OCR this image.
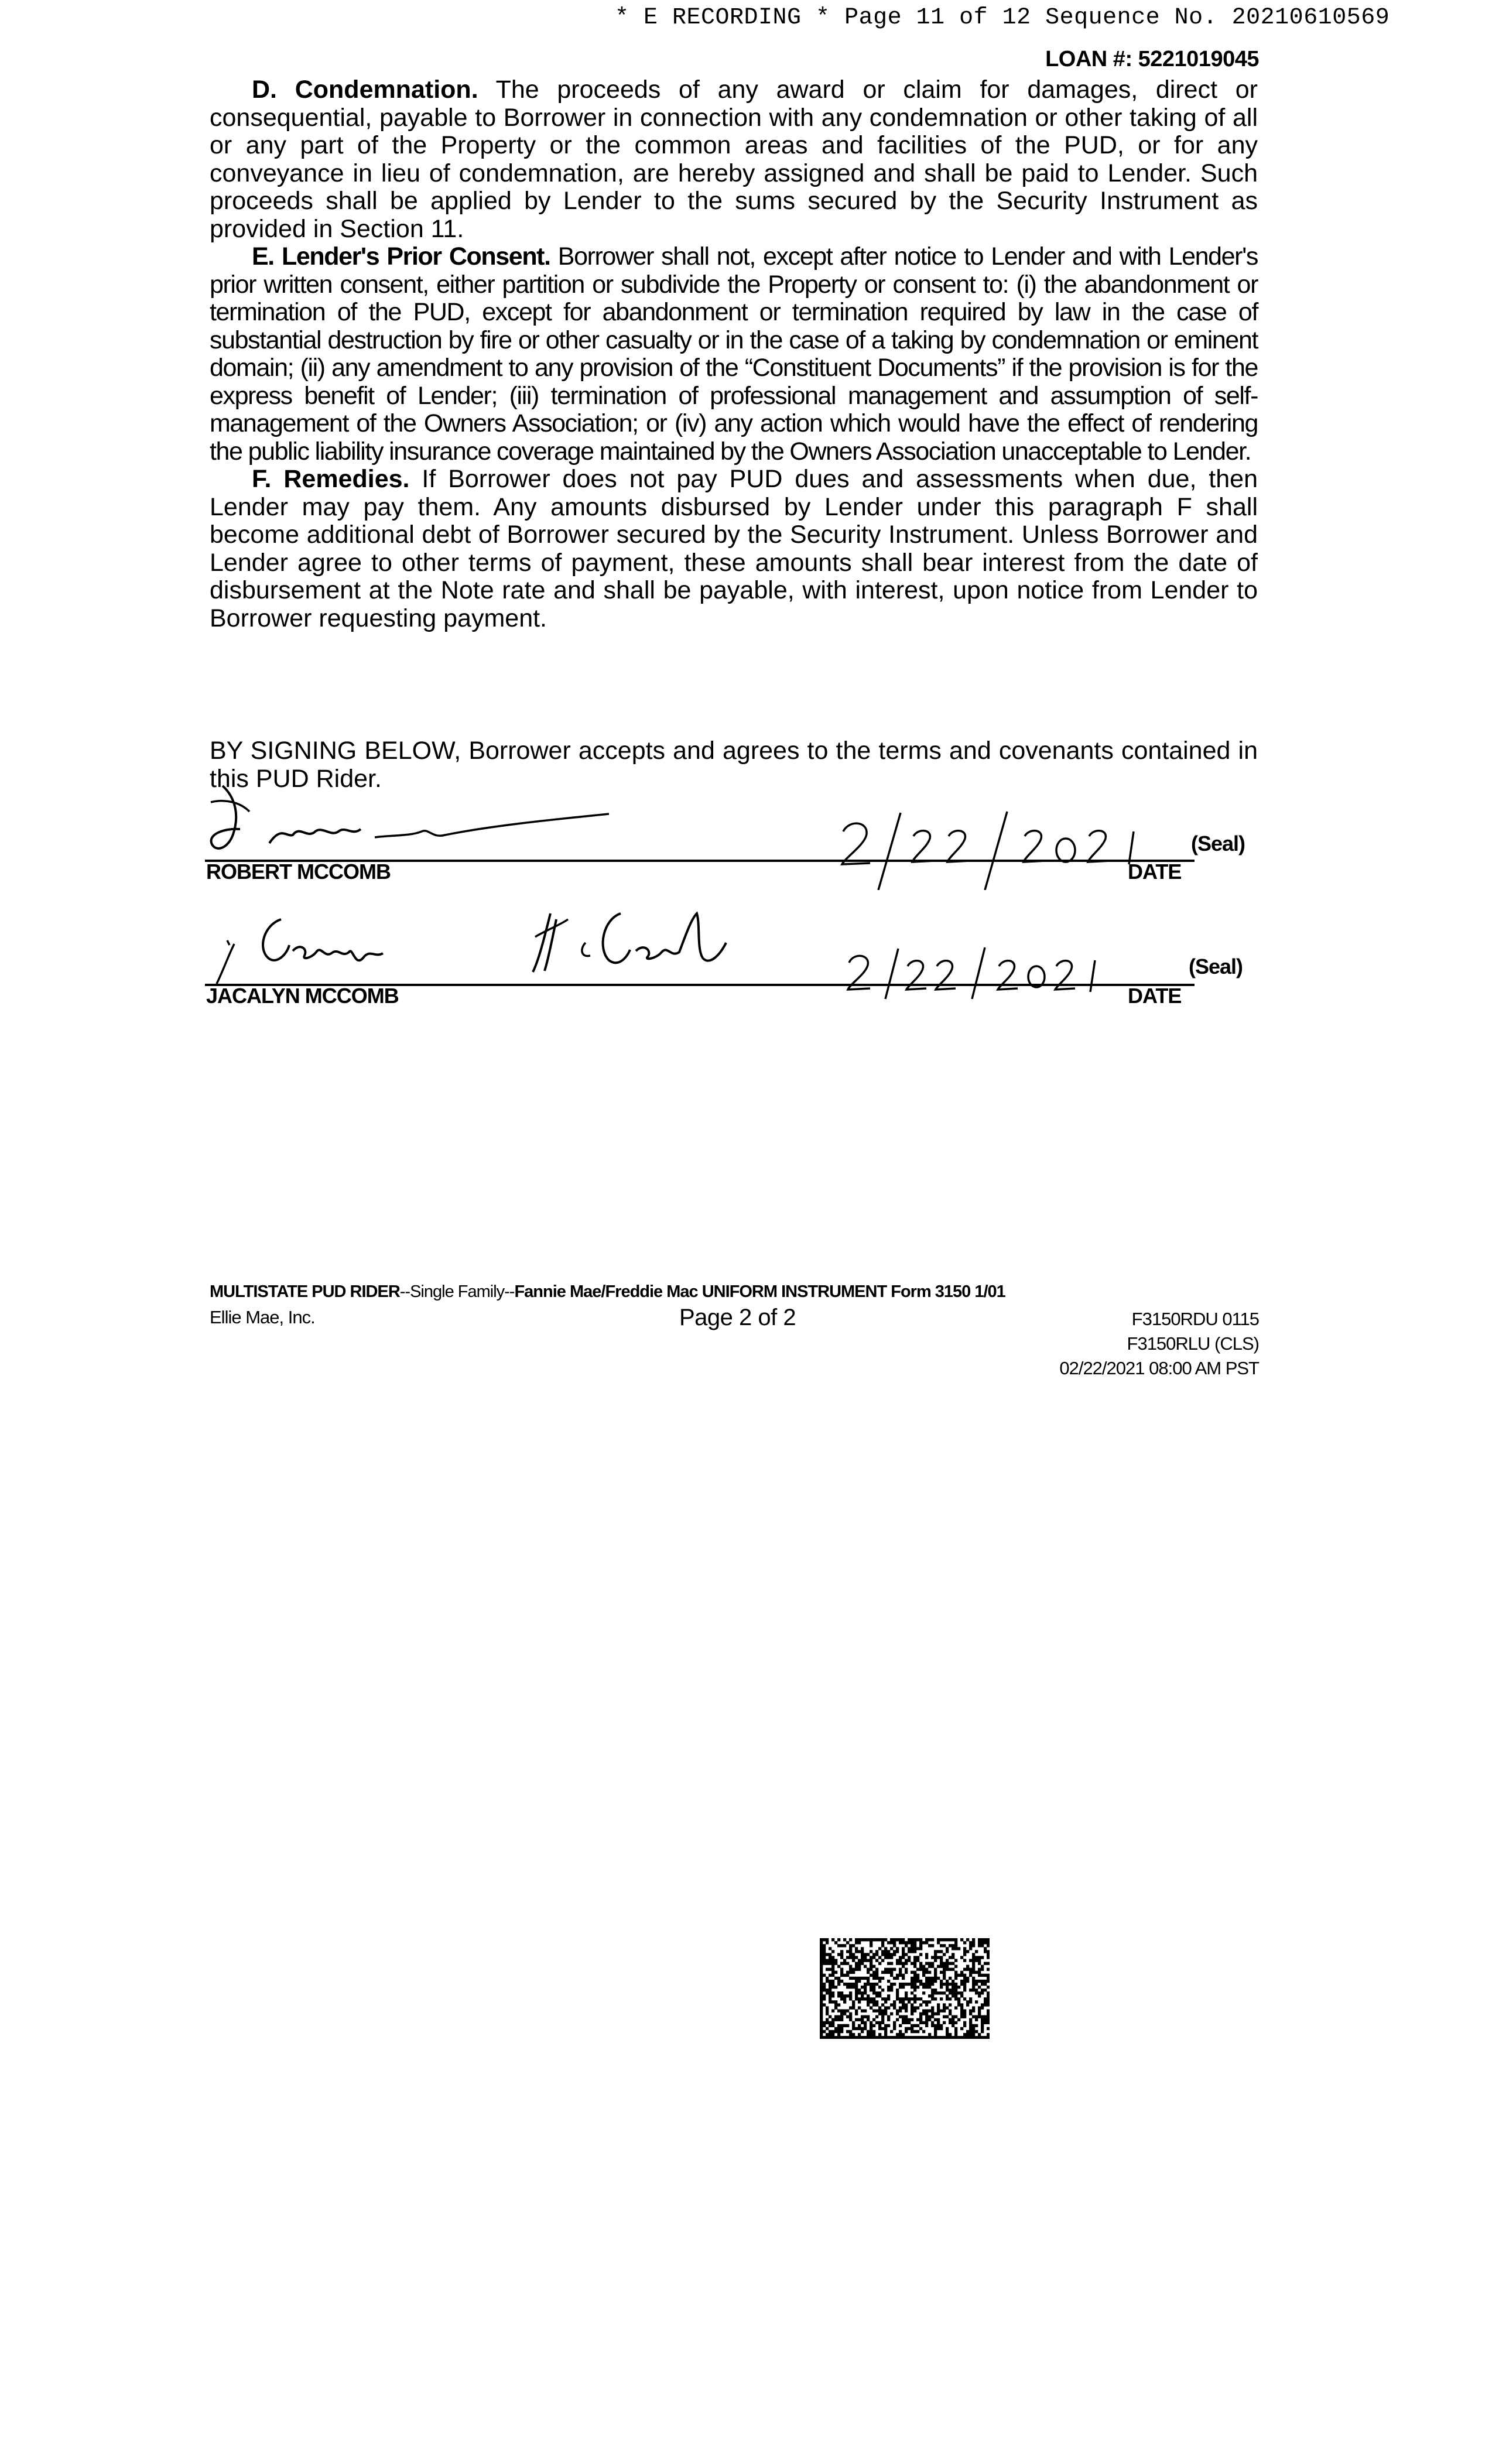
* E RECORDING * Page 11 of 12 Sequence No. 20210610569
LOAN #: 5221019045

D. Condemnation. The proceeds of any award or claim for damages, direct or consequential, payable to Borrower in connection with any condemnation or other taking of all or any part of the Property or the common areas and facilities of the PUD, or for any conveyance in lieu of condemnation, are hereby assigned and shall be paid to Lender. Such proceeds shall be applied by Lender to the sums secured by the Security Instrument as provided in Section 11.

E. Lender's Prior Consent. Borrower shall not, except after notice to Lender and with Lender's prior written consent, either partition or subdivide the Property or consent to: (i) the abandonment or termination of the PUD, except for abandonment or termination required by law in the case of substantial destruction by fire or other casualty or in the case of a taking by condemnation or eminent domain; (ii) any amendment to any provision of the “Constituent Documents” if the provision is for the express benefit of Lender; (iii) termination of professional management and assumption of self-management of the Owners Association; or (iv) any action which would have the effect of rendering the public liability insurance coverage maintained by the Owners Association unacceptable to Lender.

F. Remedies. If Borrower does not pay PUD dues and assessments when due, then Lender may pay them. Any amounts disbursed by Lender under this paragraph F shall become additional debt of Borrower secured by the Security Instrument. Unless Borrower and Lender agree to other terms of payment, these amounts shall bear interest from the date of disbursement at the Note rate and shall be payable, with interest, upon notice from Lender to Borrower requesting payment.

BY SIGNING BELOW, Borrower accepts and agrees to the terms and covenants contained in this PUD Rider.
ROBERT MCCOMB	DATE
(Seal)
JACALYN MCCOMB	DATE
(Seal)
MULTISTATE PUD RIDER--Single Family--Fannie Mae/Freddie Mac UNIFORM INSTRUMENT Form 3150 1/01
Ellie Mae, Inc.	Page 2 of 2	F3150RDU 0115
F3150RLU (CLS)
02/22/2021 08:00 AM PST
